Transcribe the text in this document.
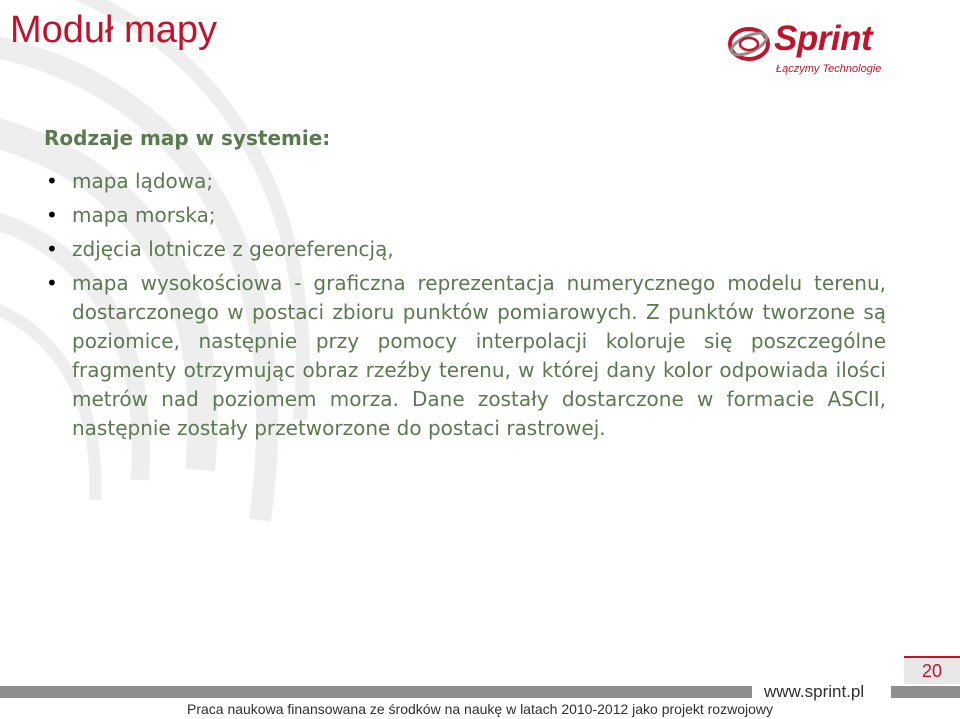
Moduł mapy	Sprint
Łączymy Technologie
Rodzaje map w systemie:
• mapa lądowa;
• mapa morska;
• zdjęcia lotnicze z georeferencją,
• mapa wysokościowa - graficzna reprezentacja numerycznego modelu terenu, dostarczonego w postaci zbioru punktów pomiarowych. Z punktów tworzone są poziomice, następnie przy pomocy interpolacji koloruje się poszczególne fragmenty otrzymując obraz rzeźby terenu, w której dany kolor odpowiada ilości metrów nad poziomem morza. Dane zostały dostarczone w formacie ASCII, następnie zostały przetworzone do postaci rastrowej.
www.sprint.pl
20
Praca naukowa finansowana ze środków na naukę w latach 2010-2012 jako projekt rozwojowy
